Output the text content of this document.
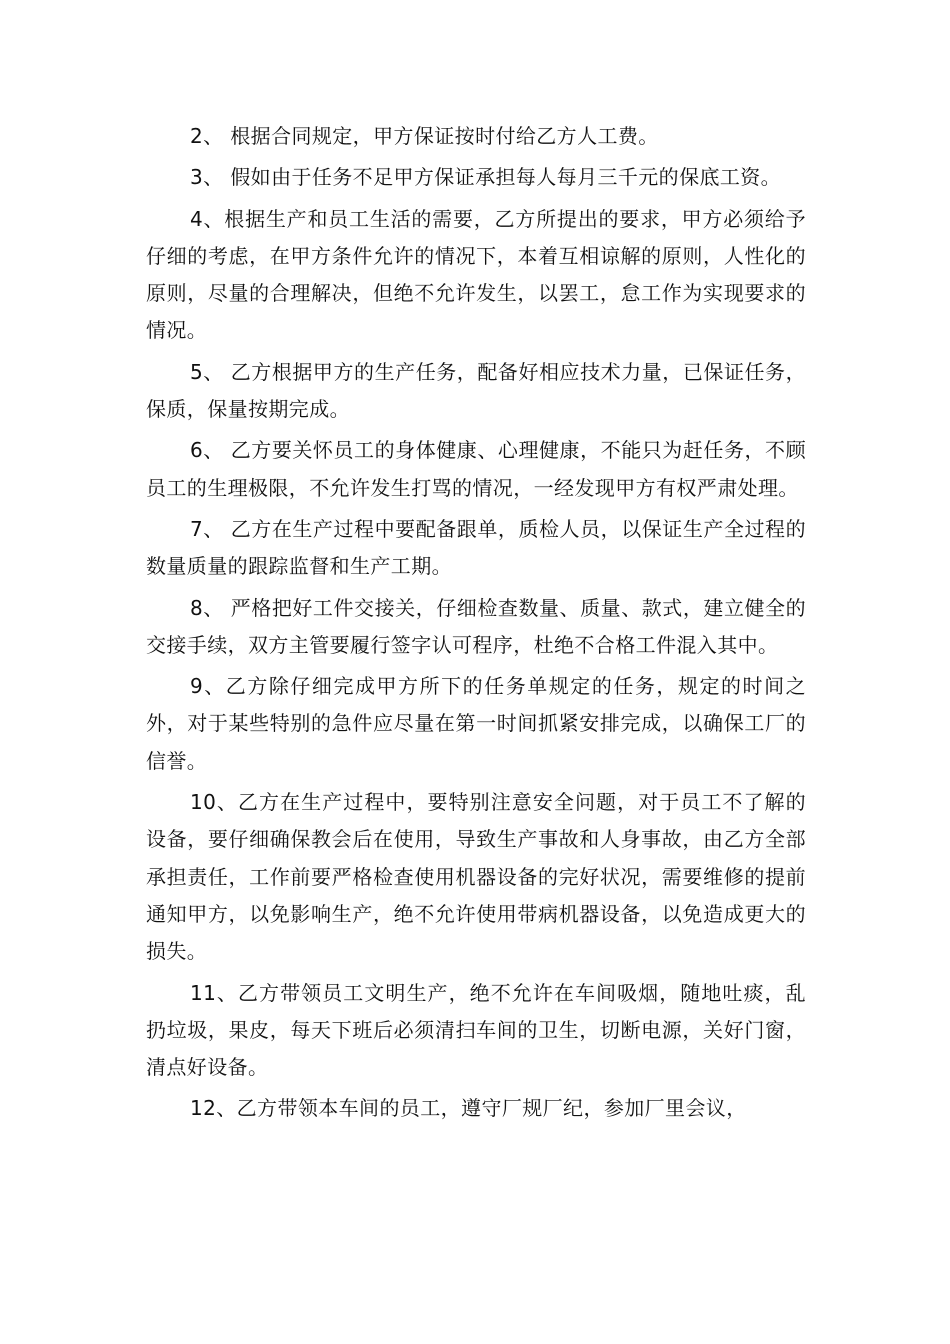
2、 根据合同规定，甲方保证按时付给乙方人工费。

3、 假如由于任务不足甲方保证承担每人每月三千元的保底工资。

4、根据生产和员工生活的需要，乙方所提出的要求，甲方必须给予仔细的考虑，在甲方条件允许的情况下，本着互相谅解的原则，人性化的原则，尽量的合理解决，但绝不允许发生，以罢工，怠工作为实现要求的情况。

5、 乙方根据甲方的生产任务，配备好相应技术力量，已保证任务，保质，保量按期完成。

6、 乙方要关怀员工的身体健康、心理健康，不能只为赶任务，不顾员工的生理极限，不允许发生打骂的情况，一经发现甲方有权严肃处理。

7、 乙方在生产过程中要配备跟单，质检人员，以保证生产全过程的数量质量的跟踪监督和生产工期。

8、 严格把好工件交接关，仔细检查数量、质量、款式，建立健全的交接手续，双方主管要履行签字认可程序，杜绝不合格工件混入其中。

9、乙方除仔细完成甲方所下的任务单规定的任务，规定的时间之外，对于某些特别的急件应尽量在第一时间抓紧安排完成，以确保工厂的信誉。

10、乙方在生产过程中，要特别注意安全问题，对于员工不了解的设备，要仔细确保教会后在使用，导致生产事故和人身事故，由乙方全部承担责任，工作前要严格检查使用机器设备的完好状况，需要维修的提前通知甲方，以免影响生产，绝不允许使用带病机器设备，以免造成更大的损失。

11、乙方带领员工文明生产，绝不允许在车间吸烟，随地吐痰，乱扔垃圾，果皮，每天下班后必须清扫车间的卫生，切断电源，关好门窗，清点好设备。

12、乙方带领本车间的员工，遵守厂规厂纪，参加厂里会议，
